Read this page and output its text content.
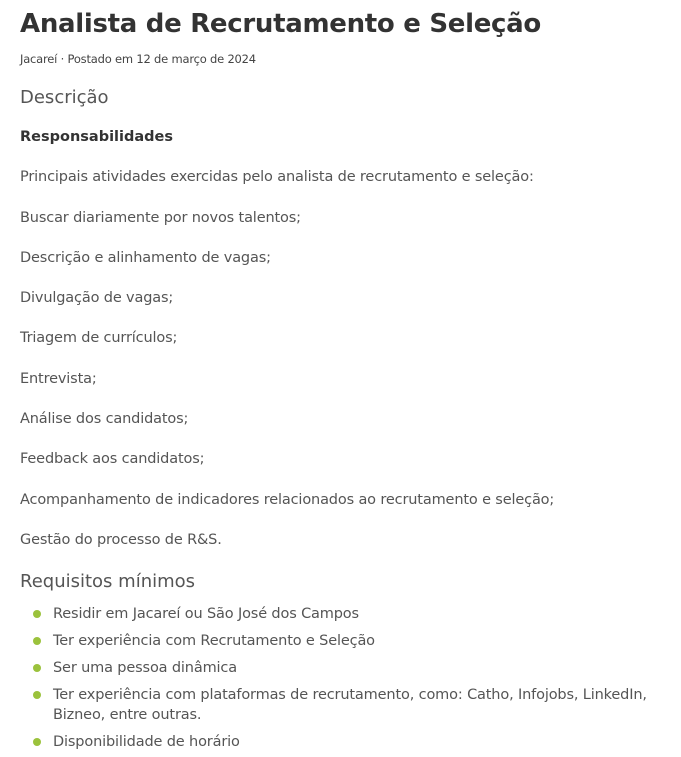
Analista de Recrutamento e Seleção
Jacareí · Postado em 12 de março de 2024
Descrição
Responsabilidades

Principais atividades exercidas pelo analista de recrutamento e seleção:

Buscar diariamente por novos talentos;

Descrição e alinhamento de vagas;

Divulgação de vagas;

Triagem de currículos;

Entrevista;

Análise dos candidatos;

Feedback aos candidatos;

Acompanhamento de indicadores relacionados ao recrutamento e seleção;

Gestão do processo de R&S.

Requisitos mínimos
Residir em Jacareí ou São José dos Campos
Ter experiência com Recrutamento e Seleção
Ser uma pessoa dinâmica
Ter experiência com plataformas de recrutamento, como: Catho, Infojobs, LinkedIn, Bizneo, entre outras.
Disponibilidade de horário
